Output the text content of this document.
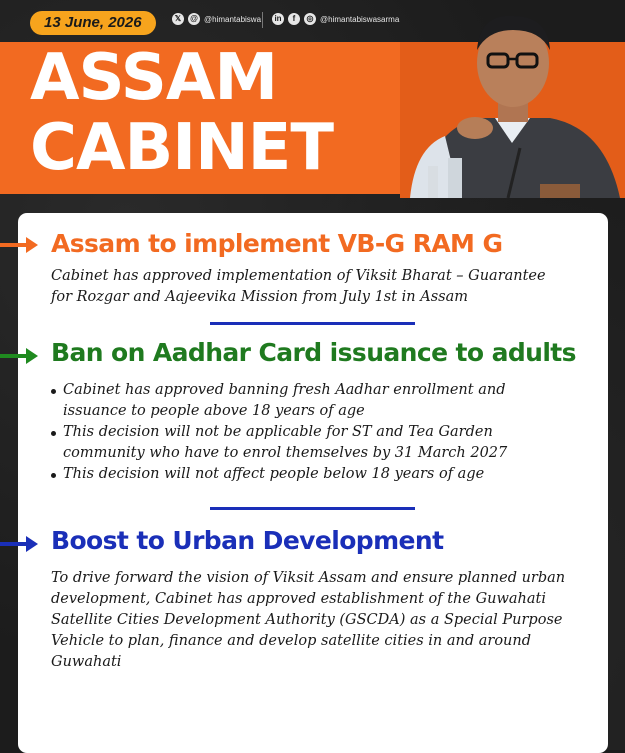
13 June, 2026	𝕏	@ @himantabiswa	in	f	◎ @himantabiswasarma
ASSAM
CABINET
Assam to implement VB-G RAM G
Cabinet has approved implementation of Viksit Bharat – Guarantee for Rozgar and Aajeevika Mission from July 1st in Assam
Ban on Aadhar Card issuance to adults
Cabinet has approved banning fresh Aadhar enrollment and issuance to people above 18 years of age
This decision will not be applicable for ST and Tea Garden community who have to enrol themselves by 31 March 2027
This decision will not affect people below 18 years of age
Boost to Urban Development
To drive forward the vision of Viksit Assam and ensure planned urban development, Cabinet has approved establishment of the Guwahati Satellite Cities Development Authority (GSCDA) as a Special Purpose Vehicle to plan, finance and develop satellite cities in and around Guwahati
